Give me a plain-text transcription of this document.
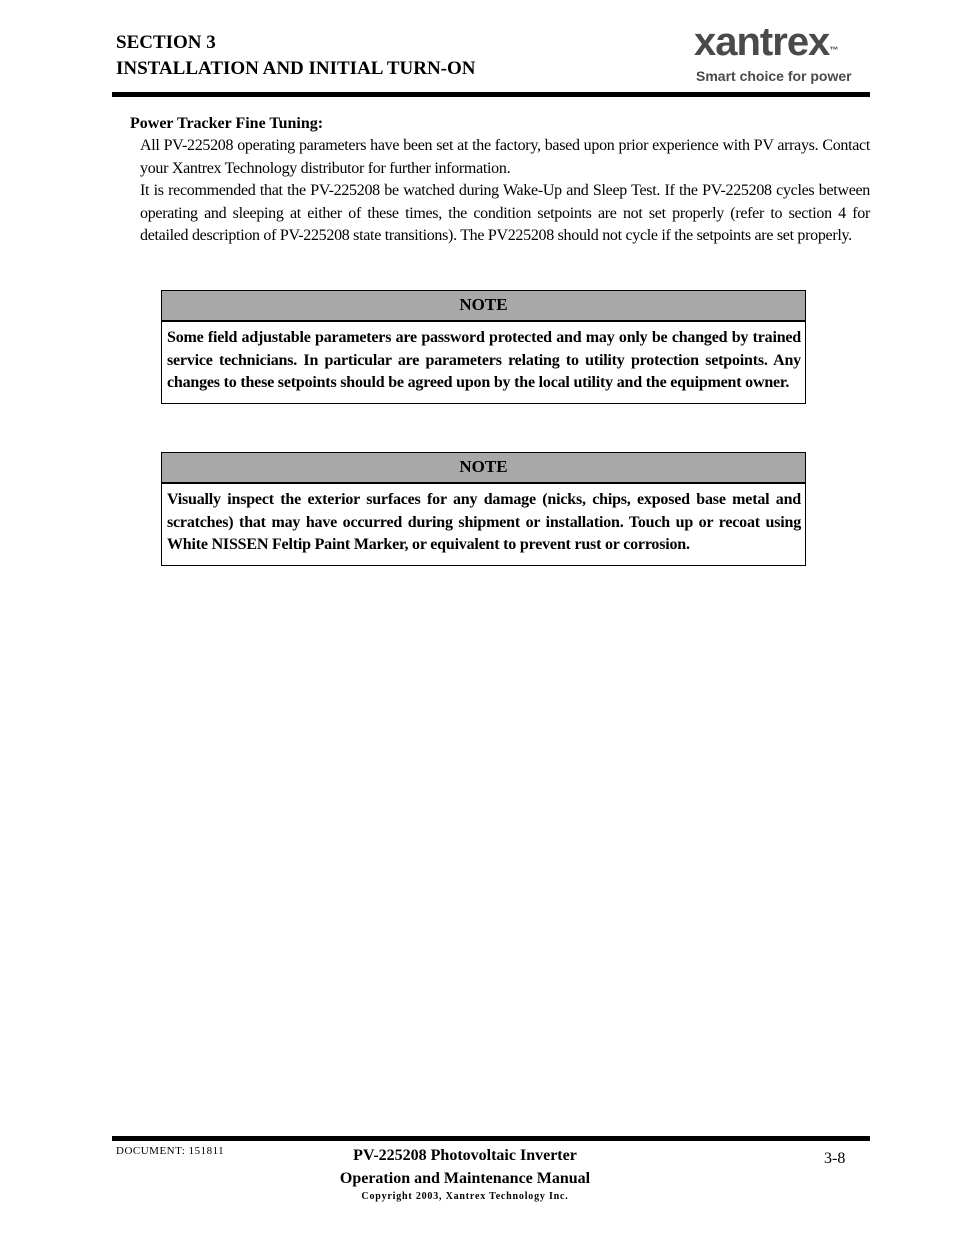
SECTION 3
INSTALLATION AND INITIAL TURN-ON
xantrex™
Smart choice for power
Power Tracker Fine Tuning:

All PV-225208 operating parameters have been set at the factory, based upon prior experience with PV arrays. Contact your Xantrex Technology distributor for further information.

It is recommended that the PV-225208 be watched during Wake-Up and Sleep Test. If the PV-225208 cycles between operating and sleeping at either of these times, the condition setpoints are not set properly (refer to section 4 for detailed description of PV-225208 state transitions). The PV225208 should not cycle if the setpoints are set properly.

NOTE
Some field adjustable parameters are password protected and may only be changed by trained service technicians. In particular are parameters relating to utility protection setpoints. Any changes to these setpoints should be agreed upon by the local utility and the equipment owner.
NOTE
Visually inspect the exterior surfaces for any damage (nicks, chips, exposed base metal and scratches) that may have occurred during shipment or installation. Touch up or recoat using White NISSEN Feltip Paint Marker, or equivalent to prevent rust or corrosion.
DOCUMENT: 151811	PV-225208 Photovoltaic Inverter
Operation and Maintenance Manual
Copyright 2003, Xantrex Technology Inc.
3-8
